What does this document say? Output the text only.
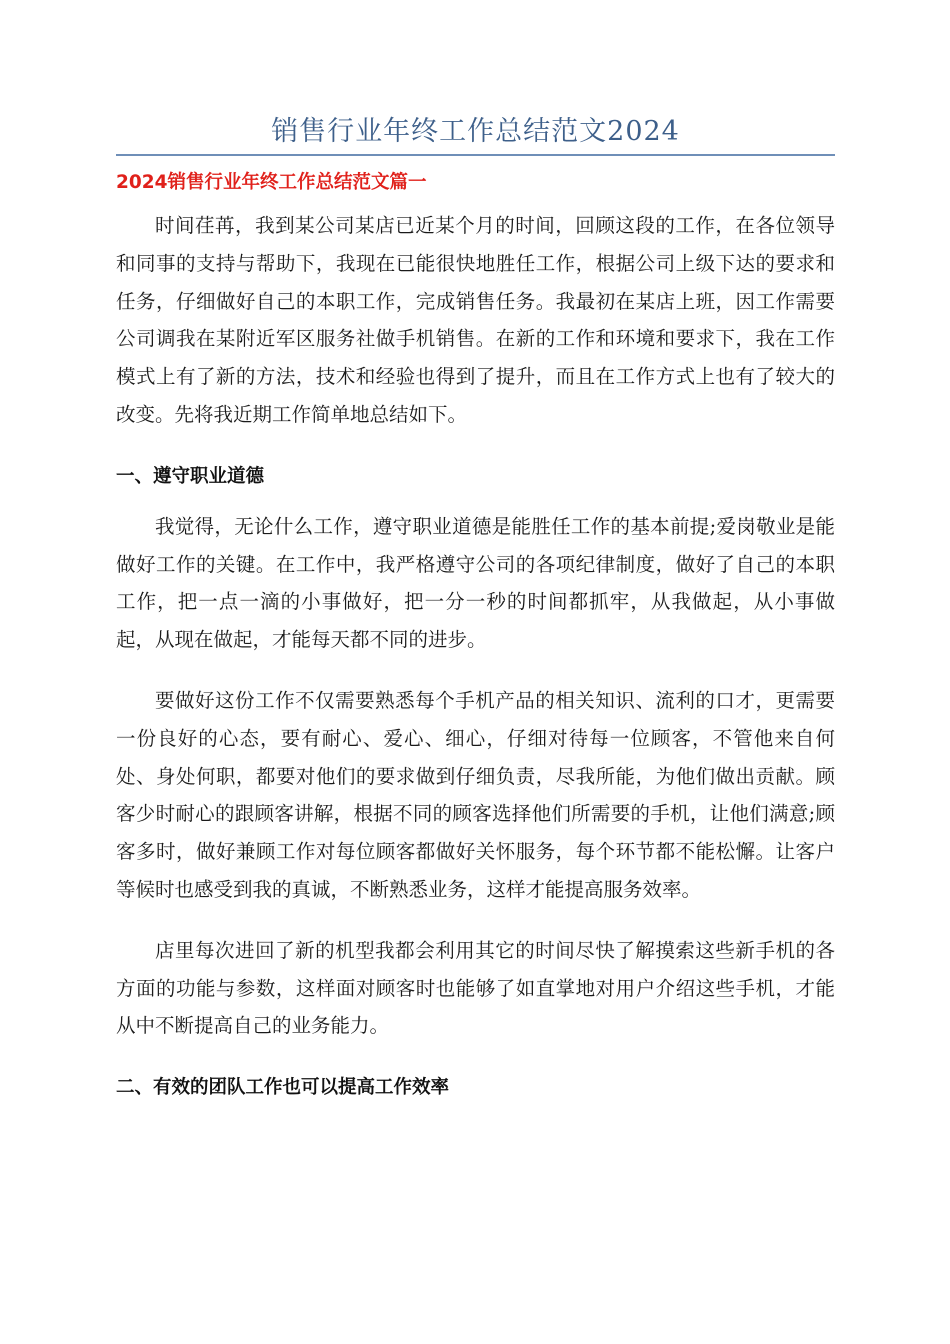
销售行业年终工作总结范文2024
2024销售行业年终工作总结范文篇一

时间荏苒，我到某公司某店已近某个月的时间，回顾这段的工作，在各位领导和同事的支持与帮助下，我现在已能很快地胜任工作，根据公司上级下达的要求和任务，仔细做好自己的本职工作，完成销售任务。我最初在某店上班，因工作需要公司调我在某附近军区服务社做手机销售。在新的工作和环境和要求下，我在工作模式上有了新的方法，技术和经验也得到了提升，而且在工作方式上也有了较大的改变。先将我近期工作简单地总结如下。

一、遵守职业道德

我觉得，无论什么工作，遵守职业道德是能胜任工作的基本前提;爱岗敬业是能做好工作的关键。在工作中，我严格遵守公司的各项纪律制度，做好了自己的本职工作，把一点一滴的小事做好，把一分一秒的时间都抓牢，从我做起，从小事做起，从现在做起，才能每天都不同的进步。

要做好这份工作不仅需要熟悉每个手机产品的相关知识、流利的口才，更需要一份良好的心态，要有耐心、爱心、细心，仔细对待每一位顾客，不管他来自何处、身处何职，都要对他们的要求做到仔细负责，尽我所能，为他们做出贡献。顾客少时耐心的跟顾客讲解，根据不同的顾客选择他们所需要的手机，让他们满意;顾客多时，做好兼顾工作对每位顾客都做好关怀服务，每个环节都不能松懈。让客户等候时也感受到我的真诚，不断熟悉业务，这样才能提高服务效率。

店里每次进回了新的机型我都会利用其它的时间尽快了解摸索这些新手机的各方面的功能与参数，这样面对顾客时也能够了如直掌地对用户介绍这些手机，才能从中不断提高自己的业务能力。

二、有效的团队工作也可以提高工作效率
